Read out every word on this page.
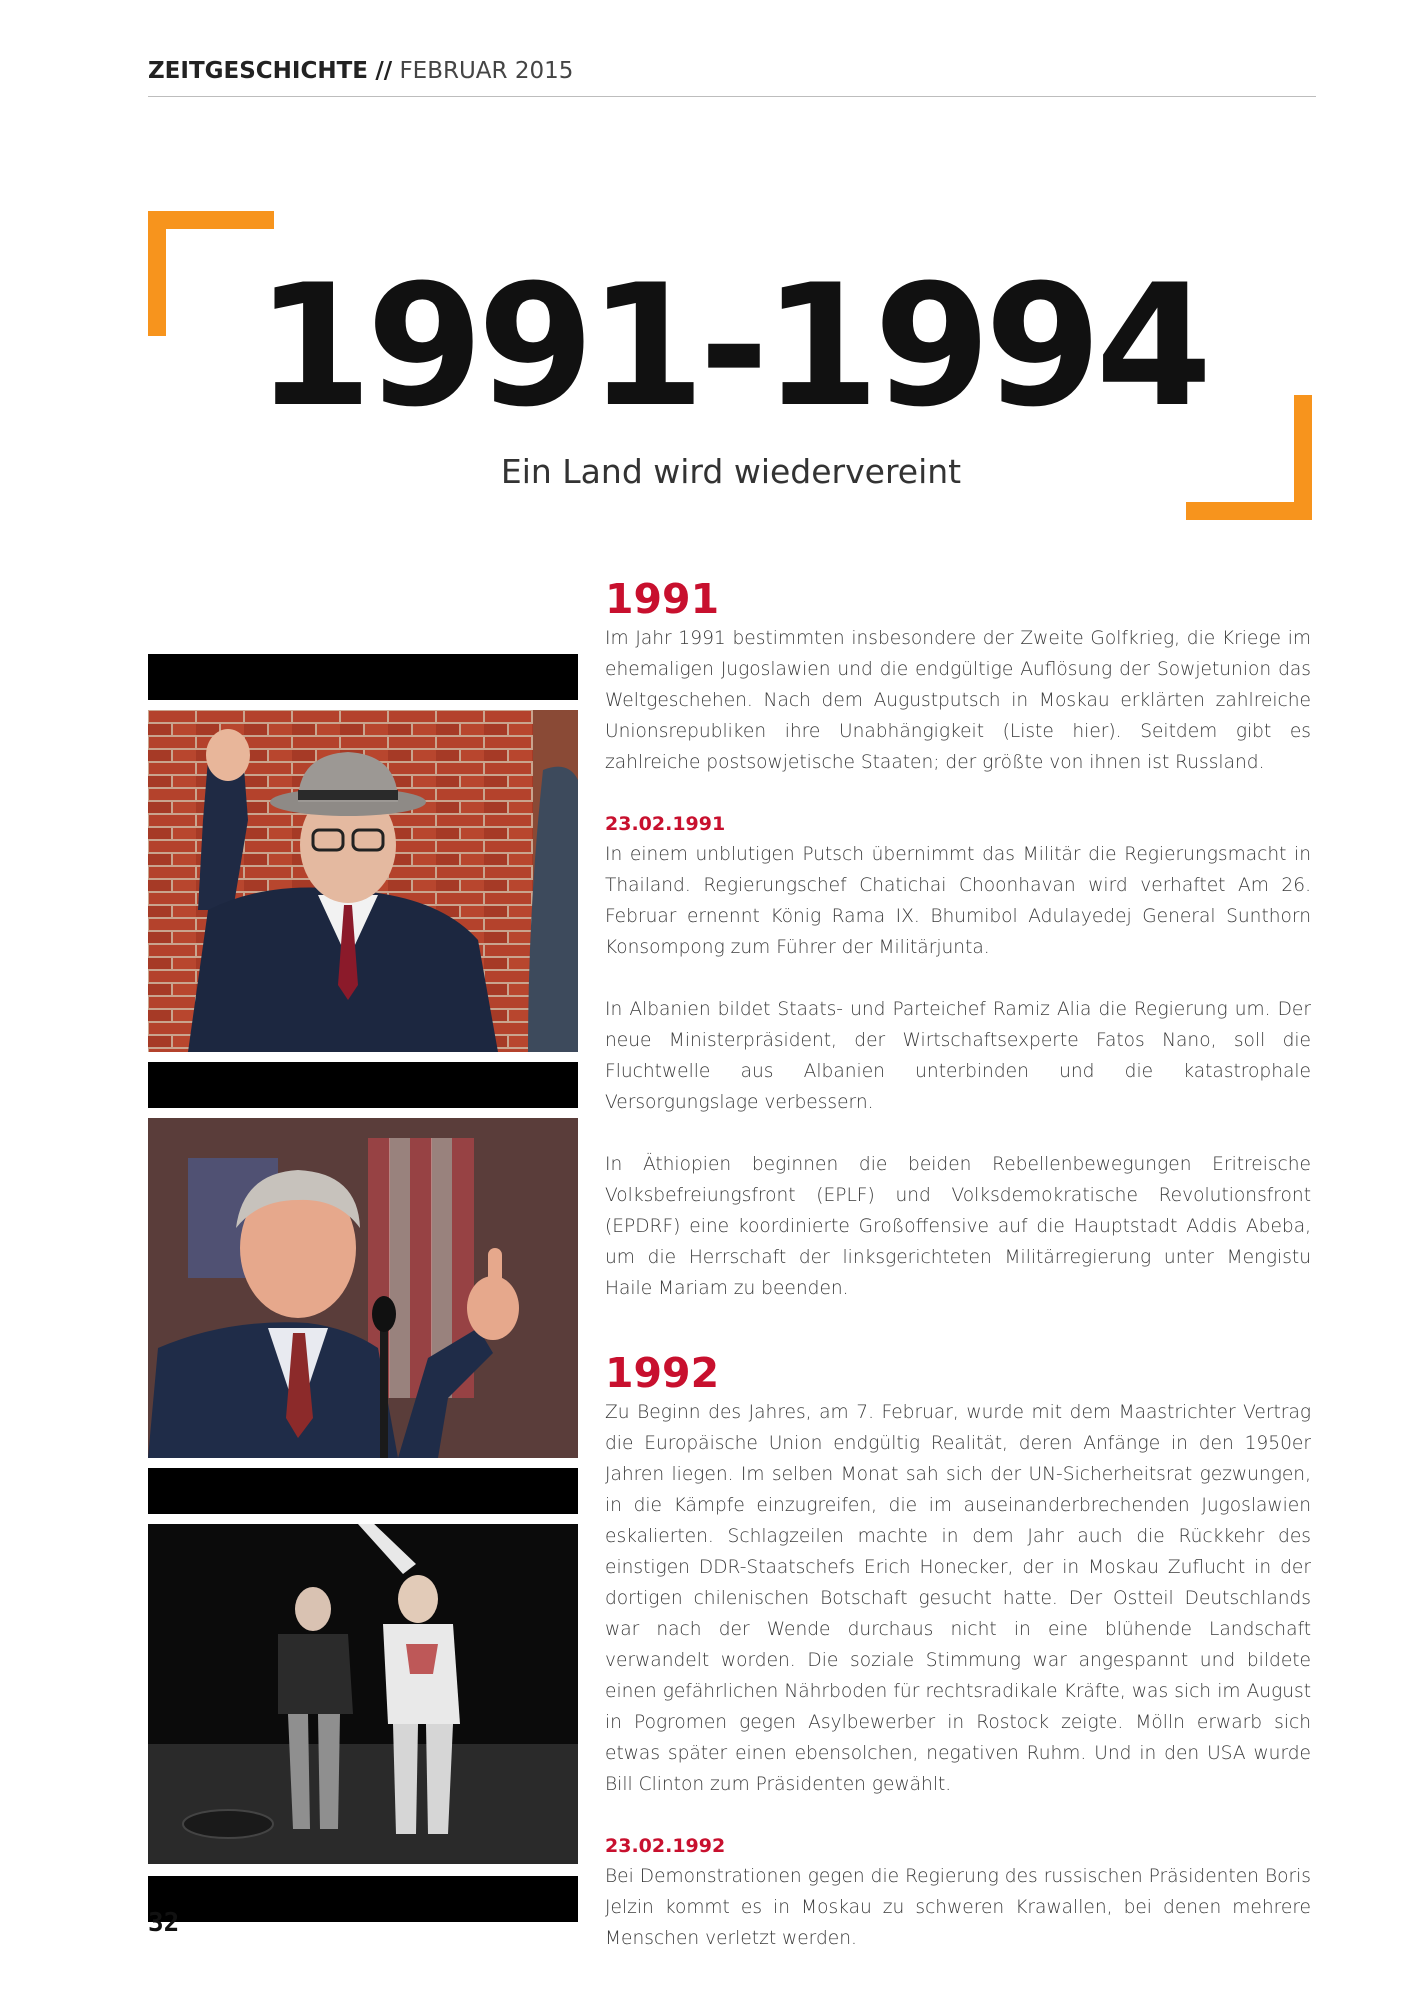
ZEITGESCHICHTE // FEBRUAR 2015
1991-1994
Ein Land wird wiedervereint
1991

Im Jahr 1991 bestimmten insbesondere der Zweite Golfkrieg, die Kriege im ehemaligen Jugoslawien und die endgültige Auflösung der Sowjetunion das Weltgeschehen. Nach dem Augustputsch in Moskau erklärten zahlreiche Unionsrepubliken ihre Unabhängigkeit (Liste hier). Seitdem gibt es zahlreiche postsowjetische Staaten; der größte von ihnen ist Russland.

23.02.1991

In einem unblutigen Putsch übernimmt das Militär die Regierungsmacht in Thailand. Regierungschef Chatichai Choonhavan wird verhaftet Am 26. Februar ernennt König Rama IX. Bhumibol Adulayedej General Sunthorn Konsompong zum Führer der Militärjunta.

In Albanien bildet Staats- und Parteichef Ramiz Alia die Regierung um. Der neue Ministerpräsident, der Wirtschaftsexperte Fatos Nano, soll die Fluchtwelle aus Albanien unterbinden und die katastrophale Versorgungslage verbessern.

In Äthiopien beginnen die beiden Rebellenbewegungen Eritreische Volksbefreiungsfront (EPLF) und Volksdemokratische Revolutionsfront (EPDRF) eine koordinierte Großoffensive auf die Hauptstadt Addis Abeba, um die Herrschaft der linksgerichteten Militärregierung unter Mengistu Haile Mariam zu beenden.

1992

Zu Beginn des Jahres, am 7. Februar, wurde mit dem Maastrichter Vertrag die Europäische Union endgültig Realität, deren Anfänge in den 1950er Jahren liegen. Im selben Monat sah sich der UN-Sicherheitsrat gezwungen, in die Kämpfe einzugreifen, die im auseinanderbrechenden Jugoslawien eskalierten. Schlagzeilen machte in dem Jahr auch die Rückkehr des einstigen DDR-Staatschefs Erich Honecker, der in Moskau Zuflucht in der dortigen chilenischen Botschaft gesucht hatte. Der Ostteil Deutschlands war nach der Wende durchaus nicht in eine blühende Landschaft verwandelt worden. Die soziale Stimmung war angespannt und bildete einen gefährlichen Nährboden für rechtsradikale Kräfte, was sich im August in Pogromen gegen Asylbewerber in Rostock zeigte. Mölln erwarb sich etwas später einen ebensolchen, negativen Ruhm. Und in den USA wurde Bill Clinton zum Präsidenten gewählt.

23.02.1992

Bei Demonstrationen gegen die Regierung des russischen Präsidenten Boris Jelzin kommt es in Moskau zu schweren Krawallen, bei denen mehrere Menschen verletzt werden.

32
